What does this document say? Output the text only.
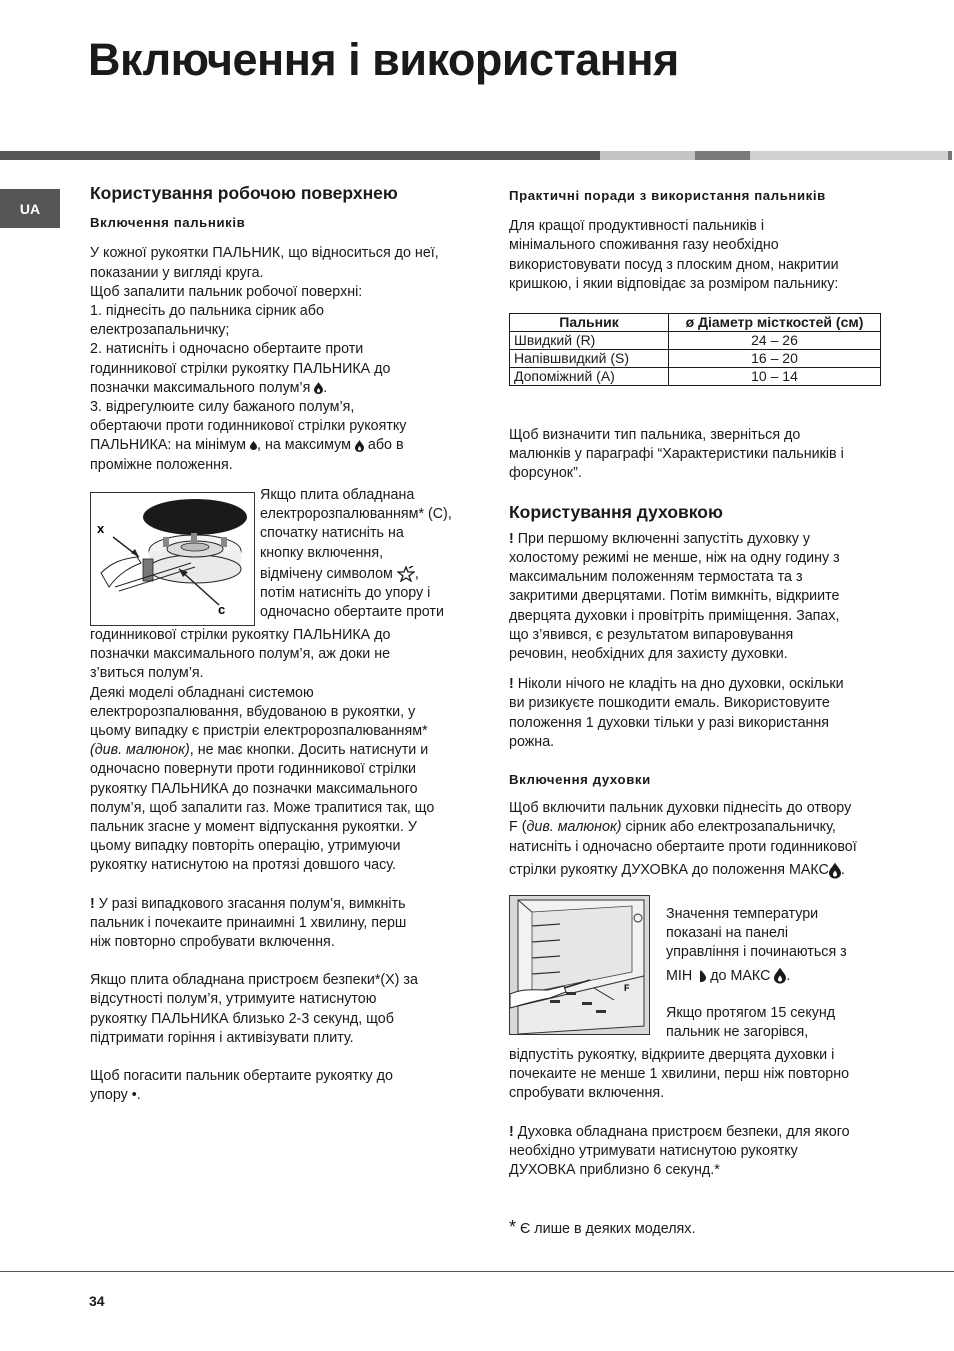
Включення і використання
UA

Користування робочою поверхнею

Включення пальників

У кожної рукоятки ПАЛЬНИК, що відноситься до неї,

показании у вигляді круга.

Щоб запалити пальник робочої поверхні:

1. піднесіть до пальника сірник або

електрозапальничку;

2. натисніть і одночасно обертаите проти

годинникової стрілки рукоятку ПАЛЬНИКА до

позначки максимального полум’я .

3. відрегулюите силу бажаного полум’я,

обертаючи проти годинникової стрілки рукоятку

ПАЛЬНИКА: на мінімум , на максимум або в

проміжне положення.

x
c

Якщо плита обладнана

електророзпалюванням* (C),

спочатку натисніть на

кнопку включення,

відмічену символом ,

потім натисніть до упору і

одночасно обертаите проти

годинникової стрілки рукоятку ПАЛЬНИКА до

позначки максимального полум’я, аж доки не

з’виться полум’я.

Деякі моделі обладнані системою

електророзпалювання, вбудованою в рукоятки, у

цьому випадку є пристріи електророзпалюванням*

(див. малюнок), не має кнопки. Досить натиснути и

одночасно повернути проти годинникової стрілки

рукоятку ПАЛЬНИКА до позначки максимального

полум’я, щоб запалити газ. Може трапитися так, що

пальник згасне у момент відпускання рукоятки. У

цьому випадку повторіть операцію, утримуючи

рукоятку натиснутою на протязі довшого часу.

! У разі випадкового згасання полум’я, вимкніть

пальник і почекаите принаимні 1 хвилину, перш

ніж повторно спробувати включення.

Якщо плита обладнана пристроєм безпеки*(X) за

відсутності полум’я, утримуите натиснутою

рукоятку ПАЛЬНИКА близько 2-3 секунд, щоб

підтримати горіння і активізувати плиту.

Щоб погасити пальник обертаите рукоятку до

упору •.

Практичні поради з використання пальників

Для кращої продуктивності пальників і

мінімального споживання газу необхідно

використовувати посуд з плоским дном, накритии

кришкою, і якии відповідає за розміром пальнику:

Пальник	ø Діаметр місткостей (см)
Швидкий (R)	24 – 26
Напівшвидкий (S)	16 – 20
Допоміжний (A)	10 – 14

Щоб визначити тип пальника, зверніться до

малюнків у параграфі “Характеристики пальників і

форсунок”.

Користування духовкою

! При першому включенні запустіть духовку у

холостому режимі не менше, ніж на одну годину з

максимальним положенням термостата та з

закритими дверцятами. Потім вимкніть, відкриите

дверцята духовки і провітріть приміщення. Запах,

що з’явився, є результатом випаровування

речовин, необхідних для захисту духовки.

! Ніколи нічого не кладіть на дно духовки, оскільки

ви ризикуєте пошкодити емаль. Використовуите

положення 1 духовки тільки у разі використання

рожна.

Включення духовки

Щоб включити пальник духовки піднесіть до отвору

F (див. малюнок) сірник або електрозапальничку,

натисніть і одночасно обертаите проти годинникової

стрілки рукоятку ДУХОВКА до положення МАКС .

F

Значення температури

показані на панелі

управління і починаються з

МІН до МАКС .

Якщо протягом 15 секунд

пальник не загорівся,

відпустіть рукоятку, відкриите дверцята духовки і

почекаите не менше 1 хвилини, перш ніж повторно

спробувати включення.

! Духовка обладнана пристроєм безпеки, для якого

необхідно утримувати натиснутою рукоятку

ДУХОВКА приблизно 6 секунд.*

* Є лише в деяких моделях.

34
